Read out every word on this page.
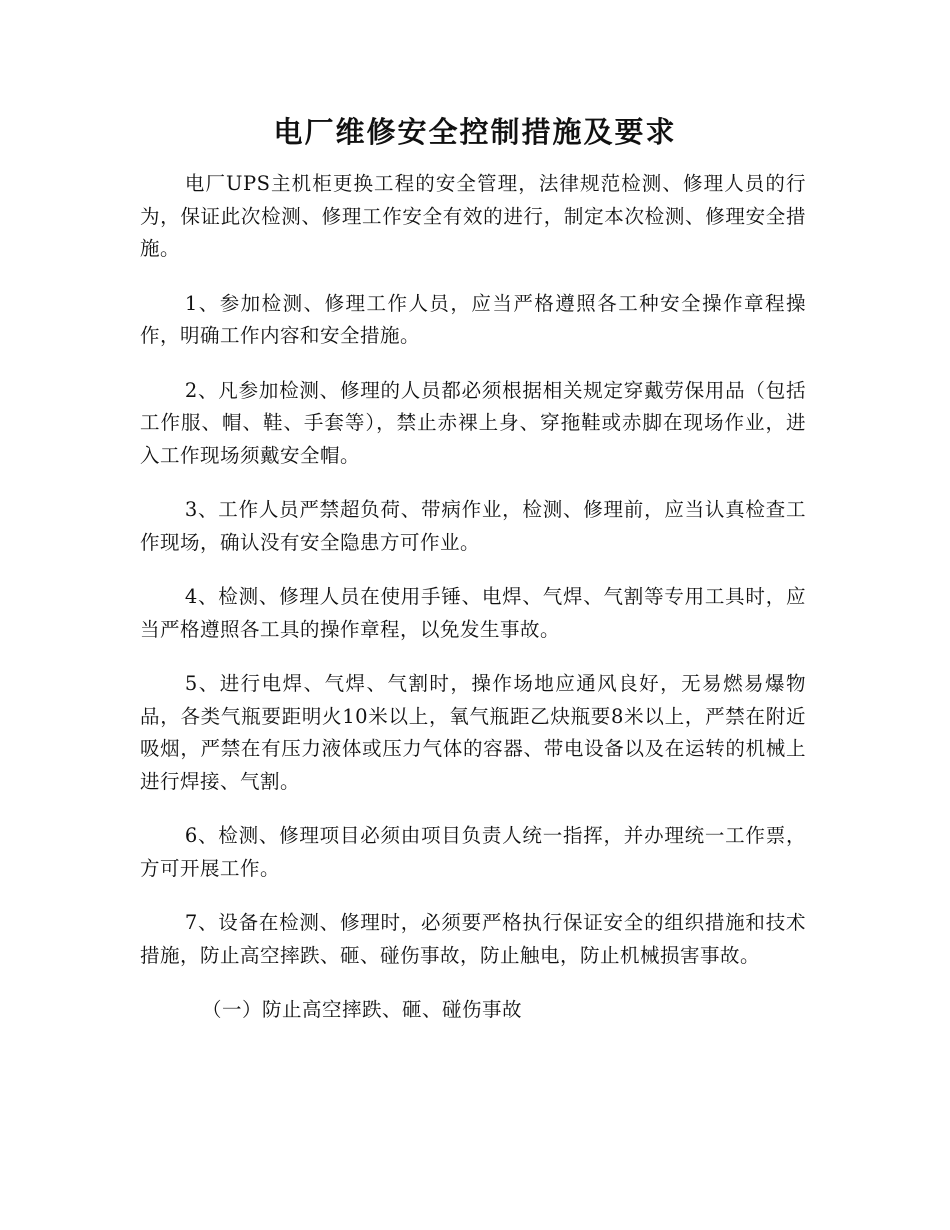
电厂维修安全控制措施及要求

电厂UPS主机柜更换工程的安全管理，法律规范检测、修理人员的行为，保证此次检测、修理工作安全有效的进行，制定本次检测、修理安全措施。

1、参加检测、修理工作人员，应当严格遵照各工种安全操作章程操作，明确工作内容和安全措施。

2、凡参加检测、修理的人员都必须根据相关规定穿戴劳保用品（包括工作服、帽、鞋、手套等），禁止赤裸上身、穿拖鞋或赤脚在现场作业，进入工作现场须戴安全帽。

3、工作人员严禁超负荷、带病作业，检测、修理前，应当认真检查工作现场，确认没有安全隐患方可作业。

4、检测、修理人员在使用手锤、电焊、气焊、气割等专用工具时，应当严格遵照各工具的操作章程，以免发生事故。

5、进行电焊、气焊、气割时，操作场地应通风良好，无易燃易爆物品，各类气瓶要距明火10米以上，氧气瓶距乙炔瓶要8米以上，严禁在附近吸烟，严禁在有压力液体或压力气体的容器、带电设备以及在运转的机械上进行焊接、气割。

6、检测、修理项目必须由项目负责人统一指挥，并办理统一工作票，方可开展工作。

7、设备在检测、修理时，必须要严格执行保证安全的组织措施和技术措施，防止高空摔跌、砸、碰伤事故，防止触电，防止机械损害事故。

（一）防止高空摔跌、砸、碰伤事故
